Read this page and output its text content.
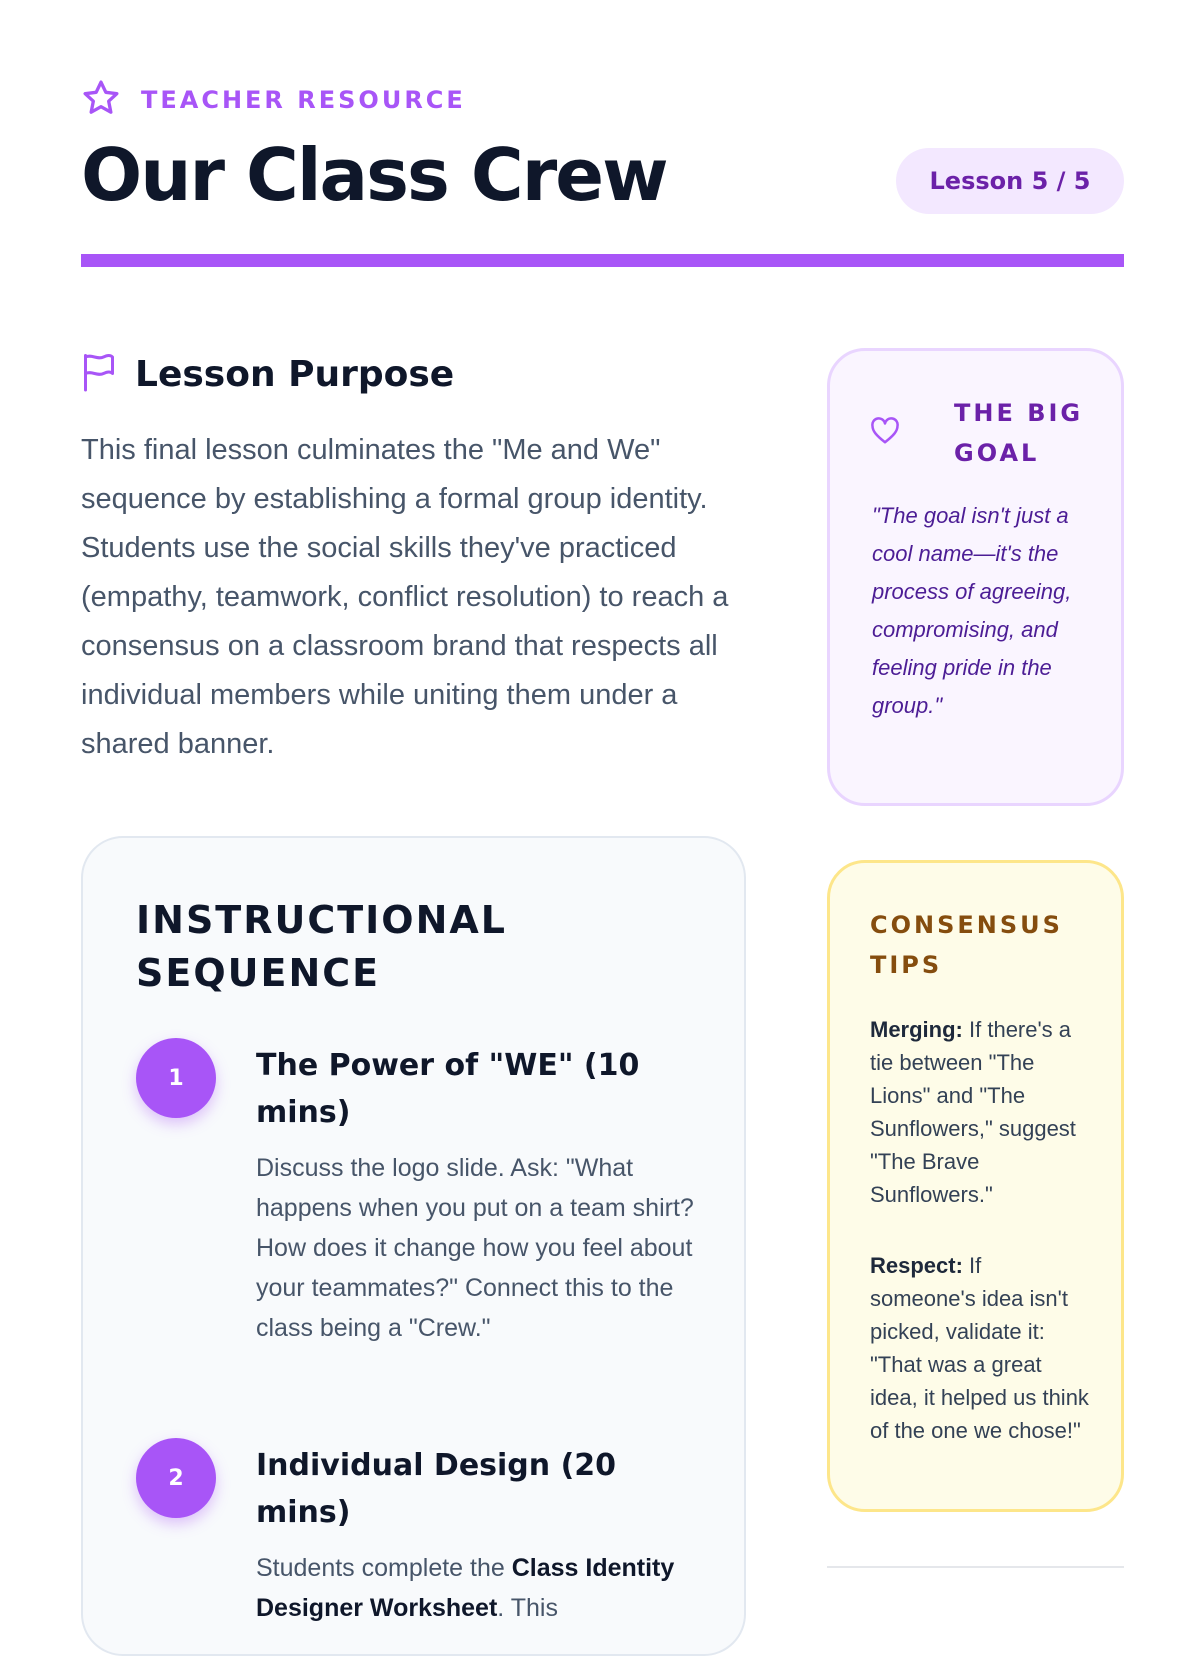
TEACHER RESOURCE
Our Class Crew	Lesson 5 / 5
Lesson Purpose

This final lesson culminates the "Me and We" sequence by establishing a formal group identity. Students use the social skills they've practiced (empathy, teamwork, conflict resolution) to reach a consensus on a classroom brand that respects all individual members while uniting them under a shared banner.

INSTRUCTIONAL SEQUENCE
1	The Power of "WE" (10 mins)

Discuss the logo slide. Ask: "What happens when you put on a team shirt? How does it change how you feel about your teammates?" Connect this to the class being a "Crew."

2	Individual Design (20 mins)

Students complete the Class Identity Designer Worksheet. This

THE BIG GOAL

"The goal isn't just a cool name—it's the process of agreeing, compromising, and feeling pride in the group."

CONSENSUS TIPS

Merging: If there's a tie between "The Lions" and "The Sunflowers," suggest "The Brave Sunflowers."

Respect: If someone's idea isn't picked, validate it: "That was a great idea, it helped us think of the one we chose!"
